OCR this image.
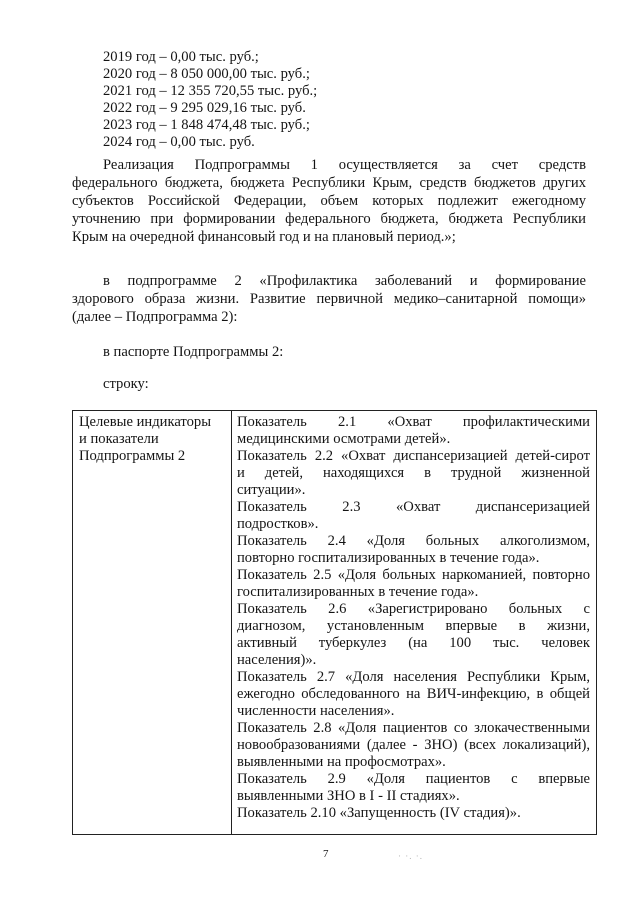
2019 год – 0,00 тыс. руб.;
2020 год – 8 050 000,00 тыс. руб.;
2021 год – 12 355 720,55 тыс. руб.;
2022 год – 9 295 029,16 тыс. руб.
2023 год – 1 848 474,48 тыс. руб.;
2024 год – 0,00 тыс. руб.
Реализация Подпрограммы 1 осуществляется за счет средств
федерального бюджета, бюджета Республики Крым, средств бюджетов других
субъектов Российской Федерации, объем которых подлежит ежегодному
уточнению при формировании федерального бюджета, бюджета Республики
Крым на очередной финансовый год и на плановый период.»;
в подпрограмме 2 «Профилактика заболеваний и формирование
здорового образа жизни. Развитие первичной медико–санитарной помощи»
(далее – Подпрограмма 2):
в паспорте Подпрограммы 2:
строку:
Целевые индикаторы
и показатели
Подпрограммы 2

Показатель 2.1 «Охват профилактическими
медицинскими осмотрами детей».
Показатель 2.2 «Охват диспансеризацией детей-сирот
и детей, находящихся в трудной жизненной
ситуации».
Показатель 2.3 «Охват диспансеризацией
подростков».
Показатель 2.4 «Доля больных алкоголизмом,
повторно госпитализированных в течение года».
Показатель 2.5 «Доля больных наркоманией, повторно
госпитализированных в течение года».
Показатель 2.6 «Зарегистрировано больных с
диагнозом, установленным впервые в жизни,
активный туберкулез (на 100 тыс. человек
населения)».
Показатель 2.7 «Доля населения Республики Крым,
ежегодно обследованного на ВИЧ-инфекцию, в общей
численности населения».
Показатель 2.8 «Доля пациентов со злокачественными
новообразованиями (далее - ЗНО) (всех локализаций),
выявленными на профосмотрах».
Показатель 2.9 «Доля пациентов с впервые
выявленными ЗНО в I - II стадиях».
Показатель 2.10 «Запущенность (IV стадия)».
7	· ·. ·.
